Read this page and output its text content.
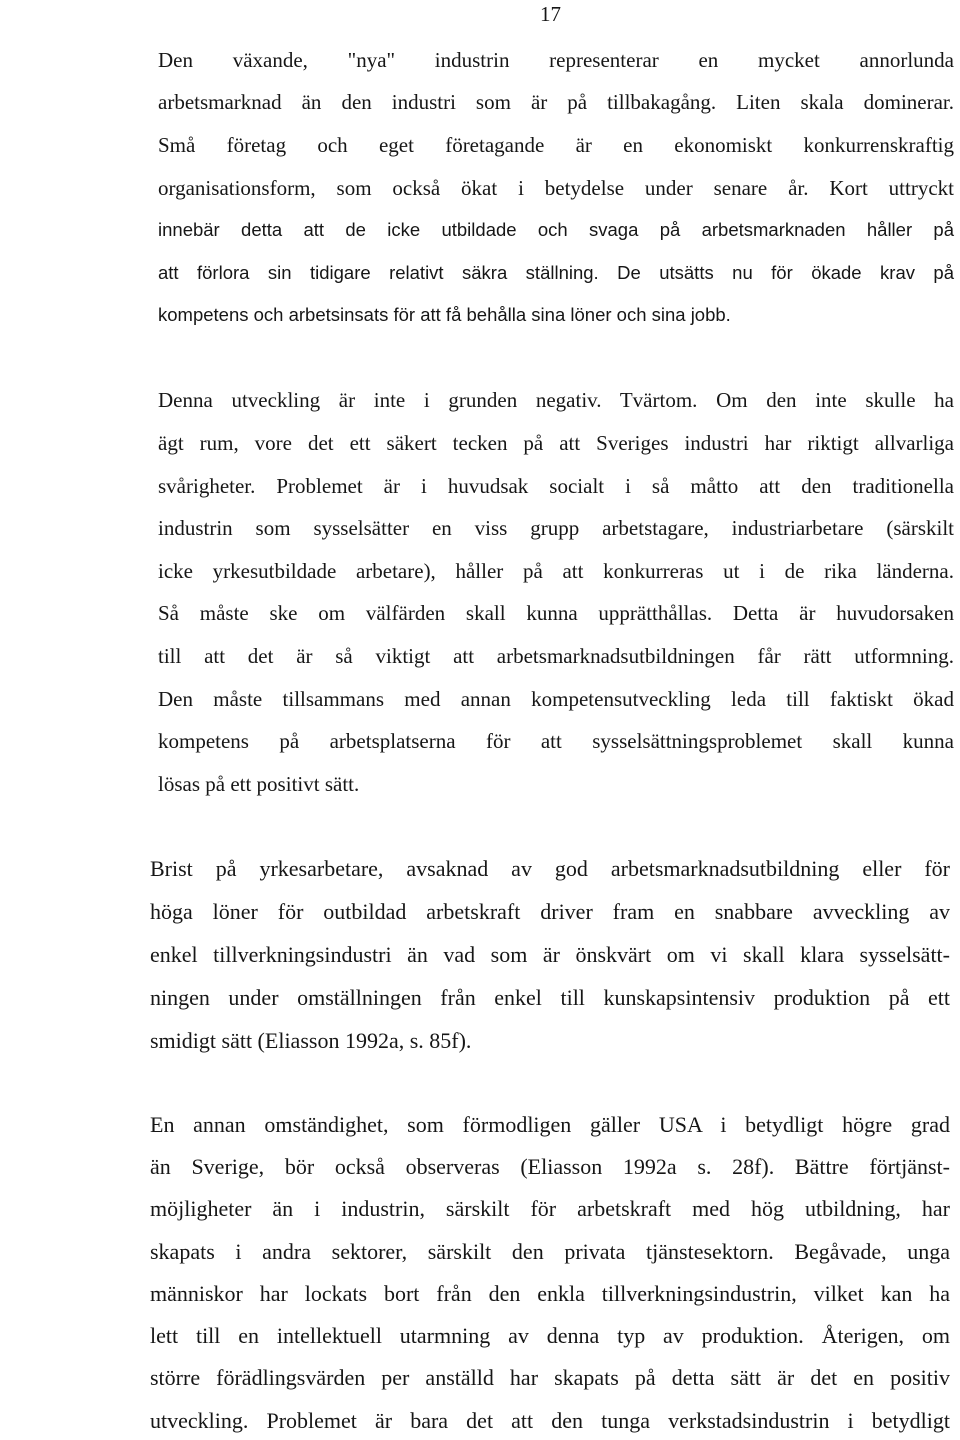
17
Den växande, "nya" industrin representerar en mycket annorlunda
arbetsmarknad än den industri som är på tillbakagång. Liten skala dominerar.
Små företag och eget företagande är en ekonomiskt konkurrenskraftig
organisationsform, som också ökat i betydelse under senare år. Kort uttryckt
innebär detta att de icke utbildade och svaga på arbetsmarknaden håller på
att förlora sin tidigare relativt säkra ställning. De utsätts nu för ökade krav på
kompetens och arbetsinsats för att få behålla sina löner och sina jobb.
Denna utveckling är inte i grunden negativ. Tvärtom. Om den inte skulle ha
ägt rum, vore det ett säkert tecken på att Sveriges industri har riktigt allvarliga
svårigheter. Problemet är i huvudsak socialt i så måtto att den traditionella
industrin som sysselsätter en viss grupp arbetstagare, industriarbetare (särskilt
icke yrkesutbildade arbetare), håller på att konkurreras ut i de rika länderna.
Så måste ske om välfärden skall kunna upprätthållas. Detta är huvudorsaken
till att det är så viktigt att arbetsmarknadsutbildningen får rätt utformning.
Den måste tillsammans med annan kompetensutveckling leda till faktiskt ökad
kompetens på arbetsplatserna för att sysselsättningsproblemet skall kunna
lösas på ett positivt sätt.
Brist på yrkesarbetare, avsaknad av god arbetsmarknadsutbildning eller för
höga löner för outbildad arbetskraft driver fram en snabbare avveckling av
enkel tillverkningsindustri än vad som är önskvärt om vi skall klara sysselsätt-
ningen under omställningen från enkel till kunskapsintensiv produktion på ett
smidigt sätt (Eliasson 1992a, s. 85f).
En annan omständighet, som förmodligen gäller USA i betydligt högre grad
än Sverige, bör också observeras (Eliasson 1992a s. 28f). Bättre förtjänst-
möjligheter än i industrin, särskilt för arbetskraft med hög utbildning, har
skapats i andra sektorer, särskilt den privata tjänstesektorn. Begåvade, unga
människor har lockats bort från den enkla tillverkningsindustrin, vilket kan ha
lett till en intellektuell utarmning av denna typ av produktion. Återigen, om
större förädlingsvärden per anställd har skapats på detta sätt är det en positiv
utveckling. Problemet är bara det att den tunga verkstadsindustrin i betydligt
